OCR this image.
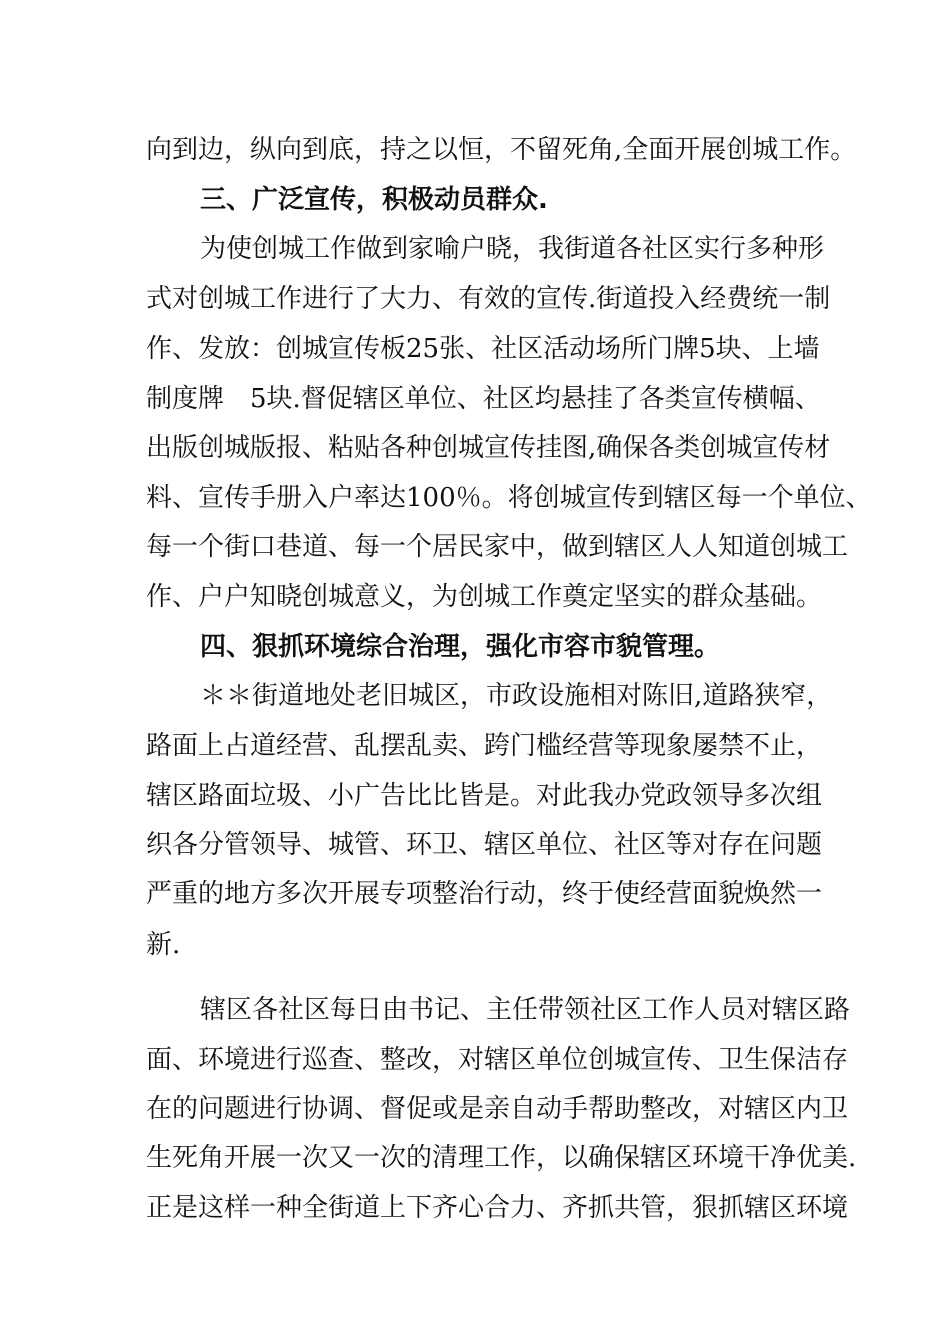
向到边，纵向到底，持之以恒，不留死角,全面开展创城工作。
三、广泛宣传，积极动员群众.
为使创城工作做到家喻户晓，我街道各社区实行多种形
式对创城工作进行了大力、有效的宣传.街道投入经费统一制
作、发放：创城宣传板25张、社区活动场所门牌5块、上墙
制度牌　5块.督促辖区单位、社区均悬挂了各类宣传横幅、
出版创城版报、粘贴各种创城宣传挂图,确保各类创城宣传材
料、宣传手册入户率达100％。将创城宣传到辖区每一个单位、
每一个街口巷道、每一个居民家中，做到辖区人人知道创城工
作、户户知晓创城意义，为创城工作奠定坚实的群众基础。
四、狠抓环境综合治理，强化市容市貌管理。
＊＊街道地处老旧城区，市政设施相对陈旧,道路狭窄，
路面上占道经营、乱摆乱卖、跨门槛经营等现象屡禁不止，
辖区路面垃圾、小广告比比皆是。对此我办党政领导多次组
织各分管领导、城管、环卫、辖区单位、社区等对存在问题
严重的地方多次开展专项整治行动，终于使经营面貌焕然一
新.
辖区各社区每日由书记、主任带领社区工作人员对辖区路
面、环境进行巡查、整改，对辖区单位创城宣传、卫生保洁存
在的问题进行协调、督促或是亲自动手帮助整改，对辖区内卫
生死角开展一次又一次的清理工作，以确保辖区环境干净优美.
正是这样一种全街道上下齐心合力、齐抓共管，狠抓辖区环境
